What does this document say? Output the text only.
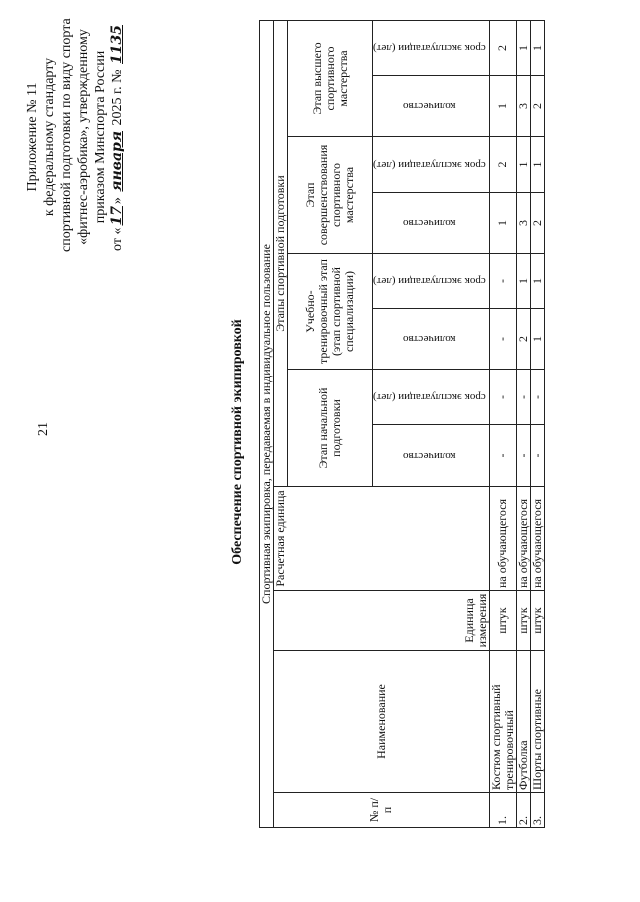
21
Приложение № 11 к федеральному стандарту спортивной подготовки по виду спорта «фитнес-аэробика», утвержденному приказом Минспорта России
от «17» января 2025 г. № 1135
Обеспечение спортивной экипировкой Спортивная экипировка, передаваемая в индивидуальное пользование											
№ п/п	Наименование	Единица измерения	Расчетная единица	Этапы спортивной подготовки							
				Этап начальной подготовки		Учебно-тренировочный этап (этап спортивной специализации)		Этап совершенствования спортивного мастерства		Этап высшего спортивного мастерства	
				количество	срок эксплуатации (лет)	количество	срок эксплуатации (лет)	количество	срок эксплуатации (лет)	количество	срок эксплуатации (лет)
1.	Костюм спортивный тренировочный	штук	на обучающегося	-	-	-	-	1	2	1	2
2.	Футболка	штук	на обучающегося	-	-	2	1	3	1	3	1
3.	Шорты спортивные	штук	на обучающегося	-	-	1	1	2	1	2	1
